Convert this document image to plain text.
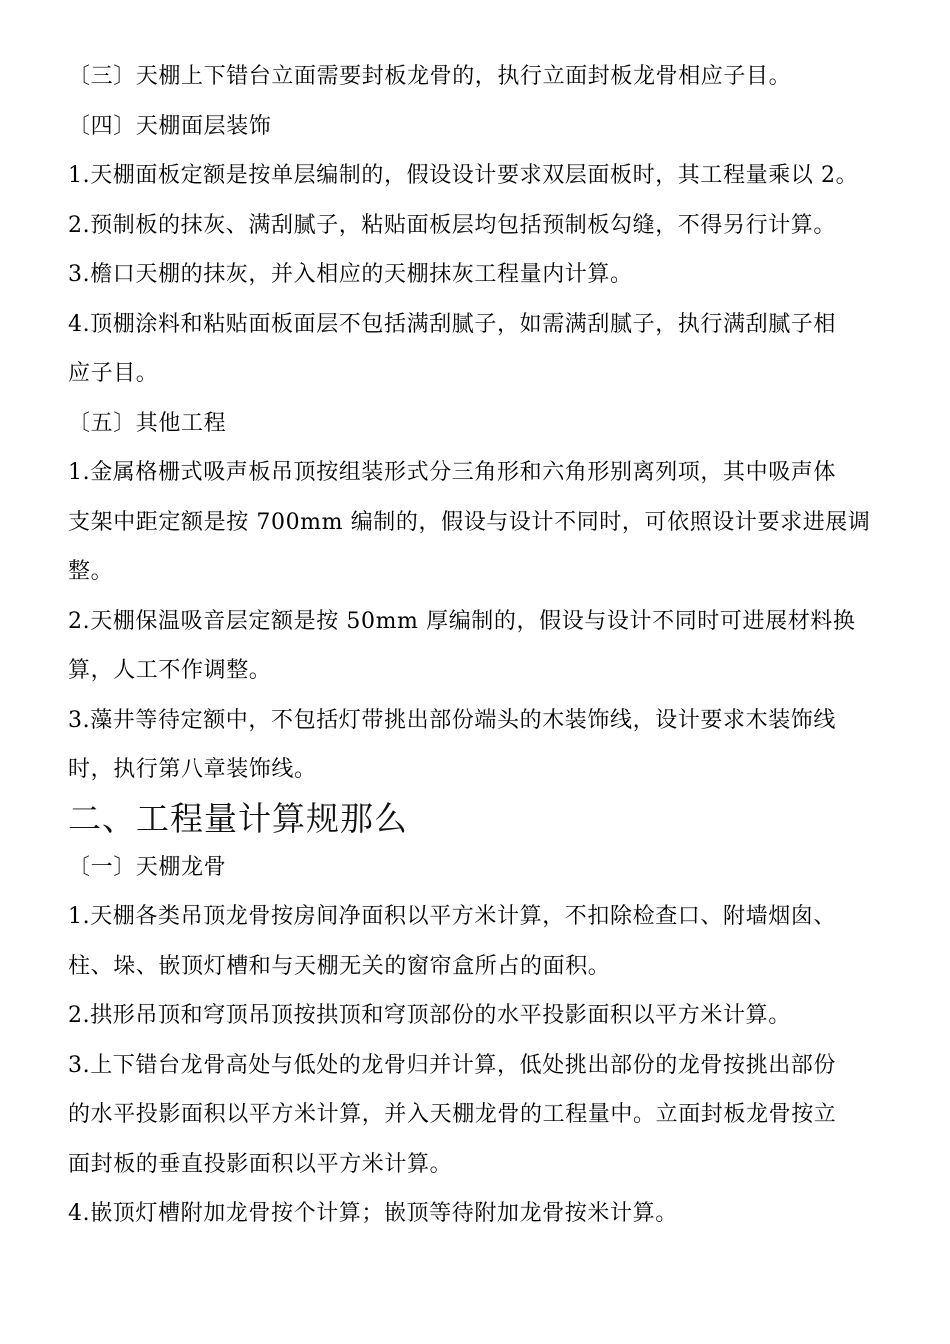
〔三〕天棚上下错台立面需要封板龙骨的，执行立面封板龙骨相应子目。
〔四〕天棚面层装饰
1.天棚面板定额是按单层编制的，假设设计要求双层面板时，其工程量乘以 2。
2.预制板的抹灰、满刮腻子，粘贴面板层均包括预制板勾缝，不得另行计算。
3.檐口天棚的抹灰，并入相应的天棚抹灰工程量内计算。
4.顶棚涂料和粘贴面板面层不包括满刮腻子，如需满刮腻子，执行满刮腻子相
应子目。
〔五〕其他工程
1.金属格栅式吸声板吊顶按组装形式分三角形和六角形别离列项，其中吸声体
支架中距定额是按 700mm 编制的，假设与设计不同时，可依照设计要求进展调
整。
2.天棚保温吸音层定额是按 50mm 厚编制的，假设与设计不同时可进展材料换
算，人工不作调整。
3.藻井等待定额中，不包括灯带挑出部份端头的木装饰线，设计要求木装饰线
时，执行第八章装饰线。
二、工程量计算规那么
〔一〕天棚龙骨
1.天棚各类吊顶龙骨按房间净面积以平方米计算，不扣除检查口、附墙烟囱、
柱、垛、嵌顶灯槽和与天棚无关的窗帘盒所占的面积。
2.拱形吊顶和穹顶吊顶按拱顶和穹顶部份的水平投影面积以平方米计算。
3.上下错台龙骨高处与低处的龙骨归并计算，低处挑出部份的龙骨按挑出部份
的水平投影面积以平方米计算，并入天棚龙骨的工程量中。立面封板龙骨按立
面封板的垂直投影面积以平方米计算。
4.嵌顶灯槽附加龙骨按个计算；嵌顶等待附加龙骨按米计算。
